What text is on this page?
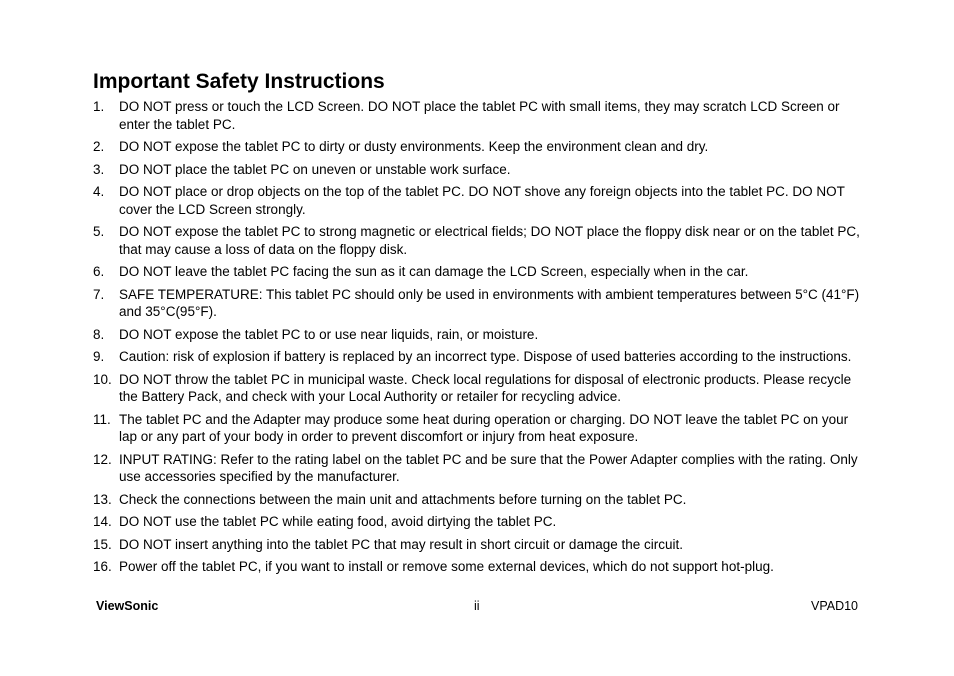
Important Safety Instructions
1.	DO NOT press or touch the LCD Screen. DO NOT place the tablet PC with small items, they may scratch LCD Screen or enter the tablet PC.
2.	DO NOT expose the tablet PC to dirty or dusty environments. Keep the environment clean and dry.
3.	DO NOT place the tablet PC on uneven or unstable work surface.
4.	DO NOT place or drop objects on the top of the tablet PC. DO NOT shove any foreign objects into the tablet PC. DO NOT cover the LCD Screen strongly.
5.	DO NOT expose the tablet PC to strong magnetic or electrical fields; DO NOT place the floppy disk near or on the tablet PC, that may cause a loss of data on the floppy disk.
6.	DO NOT leave the tablet PC facing the sun as it can damage the LCD Screen, especially when in the car.
7.	SAFE TEMPERATURE: This tablet PC should only be used in environments with ambient temperatures between 5°C (41°F) and 35°C(95°F).
8.	DO NOT expose the tablet PC to or use near liquids, rain, or moisture.
9.	Caution: risk of explosion if battery is replaced by an incorrect type. Dispose of used batteries according to the instructions.
10. DO NOT throw the tablet PC in municipal waste. Check local regulations for disposal of electronic products. Please recycle the Battery Pack, and check with your Local Authority or retailer for recycling advice.
11. The tablet PC and the Adapter may produce some heat during operation or charging. DO NOT leave the tablet PC on your lap or any part of your body in order to prevent discomfort or injury from heat exposure.
12. INPUT RATING: Refer to the rating label on the tablet PC and be sure that the Power Adapter complies with the rating. Only use accessories specified by the manufacturer.
13. Check the connections between the main unit and attachments before turning on the tablet PC.
14. DO NOT use the tablet PC while eating food, avoid dirtying the tablet PC.
15. DO NOT insert anything into the tablet PC that may result in short circuit or damage the circuit.
16. Power off the tablet PC, if you want to install or remove some external devices, which do not support hot-plug.
ViewSonic	ii	VPAD10
